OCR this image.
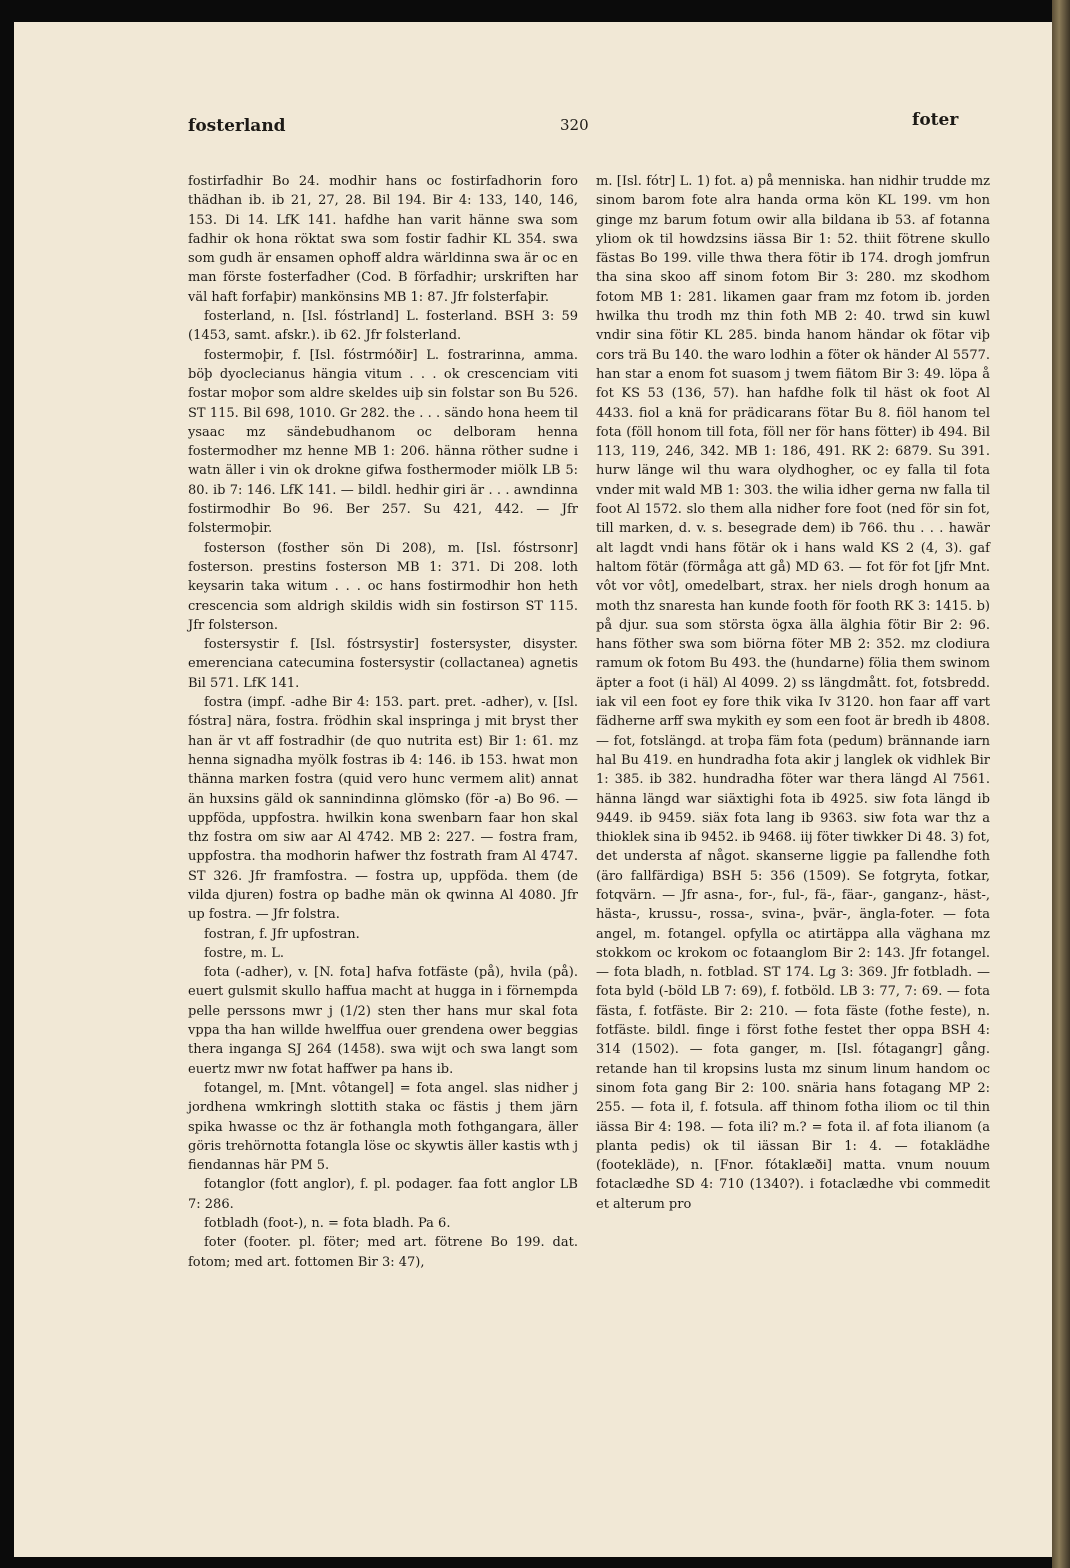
fosterland	320	foter

fostirfadhir Bo 24. modhir hans oc fostirfadhorin foro thädhan ib. ib 21, 27, 28. Bil 194. Bir 4: 133, 140, 146, 153. Di 14. LfK 141. hafdhe han varit hänne swa som fadhir ok hona röktat swa som fostir fadhir KL 354. swa som gudh är ensamen ophoff aldra wärldinna swa är oc en man förste fosterfadher (Cod. B förfadhir; urskriften har väl haft forfaþir) mankönsins MB 1: 87. Jfr folsterfaþir.

fosterland, n. [Isl. fóstrland] L. fosterland. BSH 3: 59 (1453, samt. afskr.). ib 62. Jfr folsterland.

fostermoþir, f. [Isl. fóstrmóðir] L. fostrarinna, amma. böþ dyoclecianus hängia vitum . . . ok crescenciam viti fostar moþor som aldre skeldes uiþ sin folstar son Bu 526. ST 115. Bil 698, 1010. Gr 282. the . . . sändo hona heem til ysaac mz sändebudhanom oc delboram henna fostermodher mz henne MB 1: 206. hänna röther sudne i watn äller i vin ok drokne gifwa fosthermoder miölk LB 5: 80. ib 7: 146. LfK 141. — bildl. hedhir giri är . . . awndinna fostirmodhir Bo 96. Ber 257. Su 421, 442. — Jfr folstermoþir.

fosterson (fosther sön Di 208), m. [Isl. fóstrsonr] fosterson. prestins fosterson MB 1: 371. Di 208. loth keysarin taka witum . . . oc hans fostirmodhir hon heth crescencia som aldrigh skildis widh sin fostirson ST 115. Jfr folsterson.

fostersystir f. [Isl. fóstrsystir] fostersyster, disyster. emerenciana catecumina fostersystir (collactanea) agnetis Bil 571. LfK 141.

fostra (impf. -adhe Bir 4: 153. part. pret. -adher), v. [Isl. fóstra] nära, fostra. frödhin skal inspringa j mit bryst ther han är vt aff fostradhir (de quo nutrita est) Bir 1: 61. mz henna signadha myölk fostras ib 4: 146. ib 153. hwat mon thänna marken fostra (quid vero hunc vermem alit) annat än huxsins gäld ok sannindinna glömsko (för -a) Bo 96. — uppföda, uppfostra. hwilkin kona swenbarn faar hon skal thz fostra om siw aar Al 4742. MB 2: 227. — fostra fram, uppfostra. tha modhorin hafwer thz fostrath fram Al 4747. ST 326. Jfr framfostra. — fostra up, uppföda. them (de vilda djuren) fostra op badhe män ok qwinna Al 4080. Jfr up fostra. — Jfr folstra.

fostran, f. Jfr upfostran.

fostre, m. L.

fota (-adher), v. [N. fota] hafva fotfäste (på), hvila (på). euert gulsmit skullo haffua macht at hugga in i förnempda pelle perssons mwr j (1/2) sten ther hans mur skal fota vppa tha han willde hwelffua ouer grendena ower beggias thera inganga SJ 264 (1458). swa wijt och swa langt som euertz mwr nw fotat haffwer pa hans ib.

fotangel, m. [Mnt. vôtangel] = fota angel. slas nidher j jordhena wmkringh slottith staka oc fästis j them järn spika hwasse oc thz är fothangla moth fothgangara, äller göris trehörnotta fotangla löse oc skywtis äller kastis wth j fiendannas här PM 5.

fotanglor (fott anglor), f. pl. podager. faa fott anglor LB 7: 286.

fotbladh (foot-), n. = fota bladh. Pa 6.

foter (footer. pl. föter; med art. fötrene Bo 199. dat. fotom; med art. fottomen Bir 3: 47),

m. [Isl. fótr] L. 1) fot. a) på menniska. han nidhir trudde mz sinom barom fote alra handa orma kön KL 199. vm hon ginge mz barum fotum owir alla bildana ib 53. af fotanna yliom ok til howdzsins iässa Bir 1: 52. thiit fötrene skullo fästas Bo 199. ville thwa thera fötir ib 174. drogh jomfrun tha sina skoo aff sinom fotom Bir 3: 280. mz skodhom fotom MB 1: 281. likamen gaar fram mz fotom ib. jorden hwilka thu trodh mz thin foth MB 2: 40. trwd sin kuwl vndir sina fötir KL 285. binda hanom händar ok fötar viþ cors trä Bu 140. the waro lodhin a föter ok händer Al 5577. han star a enom fot suasom j twem fiätom Bir 3: 49. löpa å fot KS 53 (136, 57). han hafdhe folk til häst ok foot Al 4433. fiol a knä for prädicarans fötar Bu 8. fiöl hanom tel fota (föll honom till fota, föll ner för hans fötter) ib 494. Bil 113, 119, 246, 342. MB 1: 186, 491. RK 2: 6879. Su 391. hurw länge wil thu wara olydhogher, oc ey falla til fota vnder mit wald MB 1: 303. the wilia idher gerna nw falla til foot Al 1572. slo them alla nidher fore foot (ned för sin fot, till marken, d. v. s. besegrade dem) ib 766. thu . . . hawär alt lagdt vndi hans fötär ok i hans wald KS 2 (4, 3). gaf haltom fötär (förmåga att gå) MD 63. — fot för fot [jfr Mnt. vôt vor vôt], omedelbart, strax. her niels drogh honum aa moth thz snaresta han kunde footh för footh RK 3: 1415. b) på djur. sua som största ögxa älla älghia fötir Bir 2: 96. hans föther swa som biörna föter MB 2: 352. mz clodiura ramum ok fotom Bu 493. the (hundarne) fölia them swinom äpter a foot (i häl) Al 4099. 2) ss längdmått. fot, fotsbredd. iak vil een foot ey fore thik vika Iv 3120. hon faar aff vart fädherne arff swa mykith ey som een foot är bredh ib 4808. — fot, fotslängd. at troþa fäm fota (pedum) brännande iarn hal Bu 419. en hundradha fota akir j langlek ok vidhlek Bir 1: 385. ib 382. hundradha föter war thera längd Al 7561. hänna längd war siäxtighi fota ib 4925. siw fota längd ib 9449. ib 9459. siäx fota lang ib 9363. siw fota war thz a thioklek sina ib 9452. ib 9468. iij föter tiwkker Di 48. 3) fot, det understa af något. skanserne liggie pa fallendhe foth (äro fallfärdiga) BSH 5: 356 (1509). Se fotgryta, fotkar, fotqvärn. — Jfr asna-, for-, ful-, fä-, fäar-, ganganz-, häst-, hästa-, krussu-, rossa-, svina-, þvär-, ängla-foter. — fota angel, m. fotangel. opfylla oc atirtäppa alla väghana mz stokkom oc krokom oc fotaanglom Bir 2: 143. Jfr fotangel. — fota bladh, n. fotblad. ST 174. Lg 3: 369. Jfr fotbladh. — fota byld (-böld LB 7: 69), f. fotböld. LB 3: 77, 7: 69. — fota fästa, f. fotfäste. Bir 2: 210. — fota fäste (fothe feste), n. fotfäste. bildl. finge i först fothe festet ther oppa BSH 4: 314 (1502). — fota ganger, m. [Isl. fótagangr] gång. retande han til kropsins lusta mz sinum linum handom oc sinom fota gang Bir 2: 100. snäria hans fotagang MP 2: 255. — fota il, f. fotsula. aff thinom fotha iliom oc til thin iässa Bir 4: 198. — fota ili? m.? = fota il. af fota ilianom (a planta pedis) ok til iässan Bir 1: 4. — fotaklädhe (footekläde), n. [Fnor. fótaklæði] matta. vnum nouum fotaclædhe SD 4: 710 (1340?). i fotaclædhe vbi commedit et alterum pro
